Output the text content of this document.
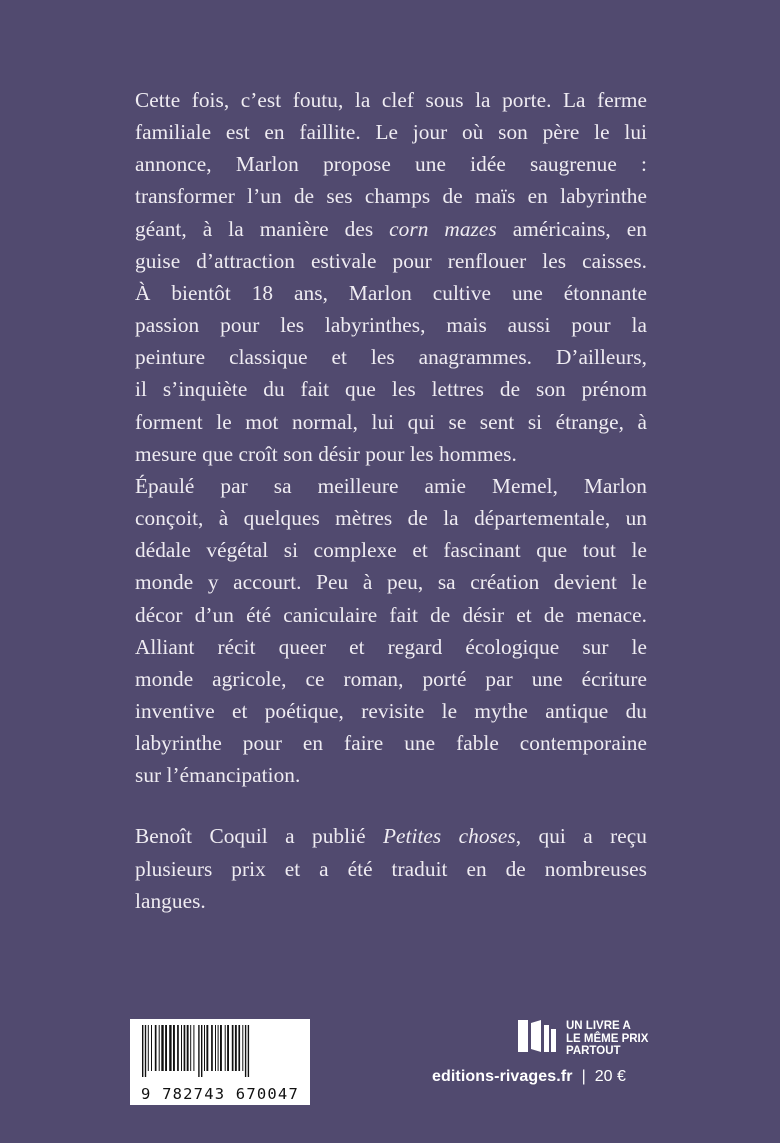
Cette fois, c’est foutu, la clef sous la porte. La ferme
familiale est en faillite. Le jour où son père le lui
annonce, Marlon propose une idée saugrenue :
transformer l’un de ses champs de maïs en labyrinthe
géant, à la manière des corn mazes américains, en
guise d’attraction estivale pour renflouer les caisses.
À bientôt 18 ans, Marlon cultive une étonnante
passion pour les labyrinthes, mais aussi pour la
peinture classique et les anagrammes. D’ailleurs,
il s’inquiète du fait que les lettres de son prénom
forment le mot normal, lui qui se sent si étrange, à
mesure que croît son désir pour les hommes.

Épaulé par sa meilleure amie Memel, Marlon
conçoit, à quelques mètres de la départementale, un
dédale végétal si complexe et fascinant que tout le
monde y accourt. Peu à peu, sa création devient le
décor d’un été caniculaire fait de désir et de menace.
Alliant récit queer et regard écologique sur le
monde agricole, ce roman, porté par une écriture
inventive et poétique, revisite le mythe antique du
labyrinthe pour en faire une fable contemporaine
sur l’émancipation.

Benoît Coquil a publié Petites choses, qui a reçu
plusieurs prix et a été traduit en de nombreuses
langues.

9 782743 670047
UN LIVRE A
LE MÊME PRIX
PARTOUT
editions-rivages.fr | 20 €
